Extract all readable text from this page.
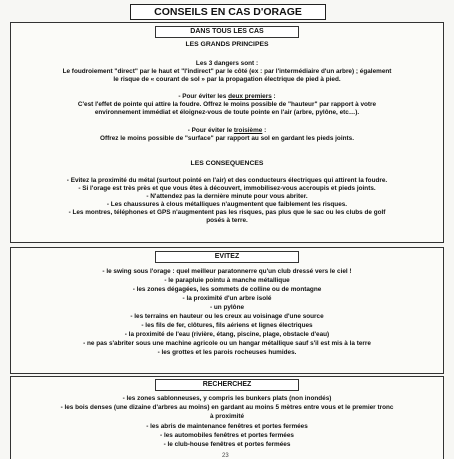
CONSEILS EN CAS D'ORAGE
DANS TOUS LES CAS
LES GRANDS PRINCIPES
Les 3 dangers sont :
Le foudroiement "direct" par le haut et "l'indirect" par le côté (ex : par l'intermédiaire d'un arbre) ; également
le risque de « courant de sol » par la propagation électrique de pied à pied.
- Pour éviter les deux premiers :
C'est l'effet de pointe qui attire la foudre. Offrez le moins possible de "hauteur" par rapport à votre
environnement immédiat et éloignez-vous de toute pointe en l'air (arbre, pylône, etc…).
- Pour éviter le troisième :
Offrez le moins possible de "surface" par rapport au sol en gardant les pieds joints.
LES CONSEQUENCES
- Evitez la proximité du métal (surtout pointé en l'air) et des conducteurs électriques qui attirent la foudre.
- Si l'orage est très près et que vous êtes à découvert, immobilisez-vous accroupis et pieds joints.
- N'attendez pas la dernière minute pour vous abriter.
- Les chaussures à clous métalliques n'augmentent que faiblement les risques.
- Les montres, téléphones et GPS n'augmentent pas les risques, pas plus que le sac ou les clubs de golf
posés à terre.
EVITEZ
- le swing sous l'orage : quel meilleur paratonnerre qu'un club dressé vers le ciel !
- le parapluie pointu à manche métallique
- les zones dégagées, les sommets de colline ou de montagne
- la proximité d'un arbre isolé
- un pylône
- les terrains en hauteur ou les creux au voisinage d'une source
- les fils de fer, clôtures, fils aériens et lignes électriques
- la proximité de l'eau (rivière, étang, piscine, plage, obstacle d'eau)
- ne pas s'abriter sous une machine agricole ou un hangar métallique sauf s'il est mis à la terre
- les grottes et les parois rocheuses humides.
RECHERCHEZ
- les zones sablonneuses, y compris les bunkers plats (non inondés)
- les bois denses (une dizaine d'arbres au moins) en gardant au moins 5 mètres entre vous et le premier tronc
à proximité
- les abris de maintenance fenêtres et portes fermées
- les automobiles fenêtres et portes fermées
- le club-house fenêtres et portes fermées
23
